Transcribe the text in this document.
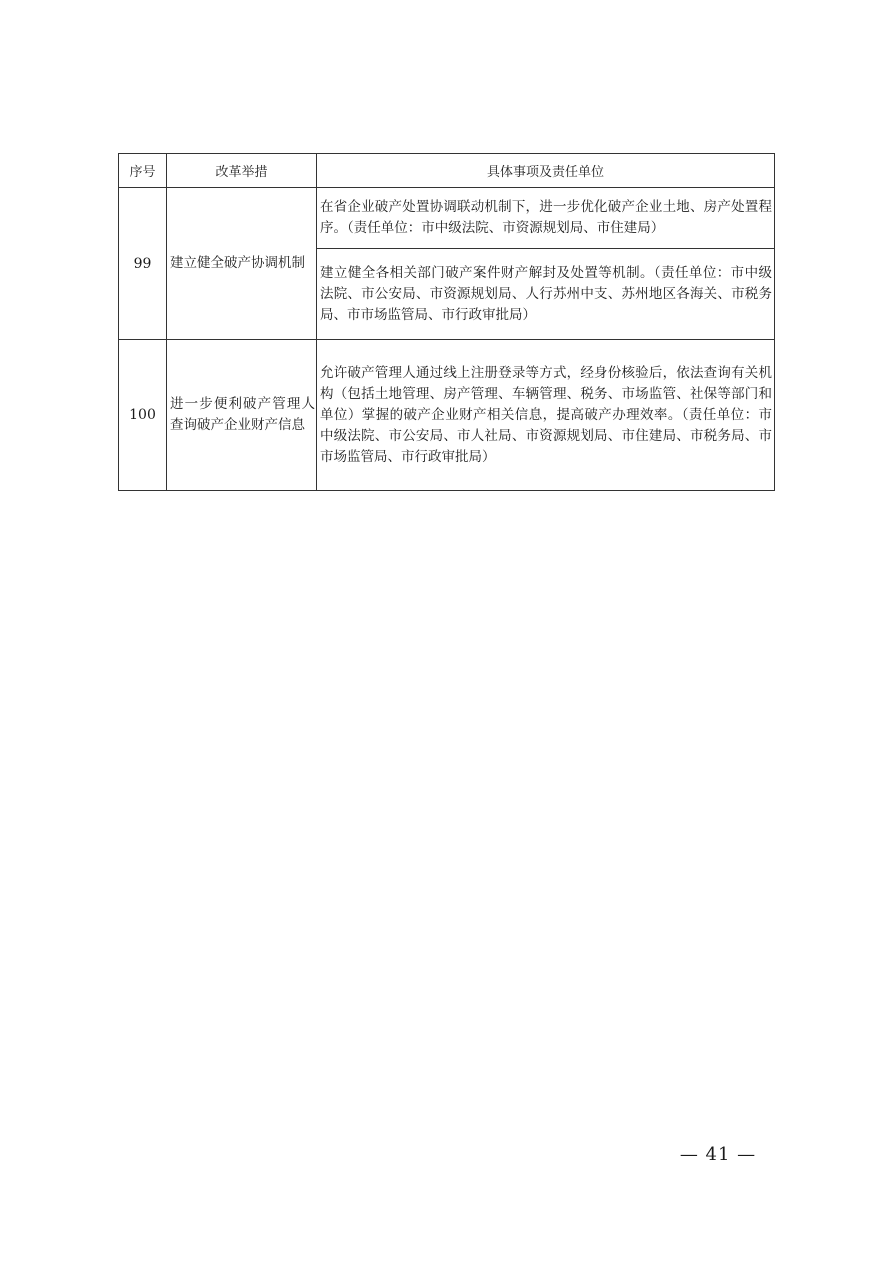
序号	改革举措	具体事项及责任单位
99	建立健全破产协调机制	在省企业破产处置协调联动机制下，进一步优化破产企业土地、房产处置程序。（责任单位：市中级法院、市资源规划局、市住建局）
		建立健全各相关部门破产案件财产解封及处置等机制。（责任单位：市中级法院、市公安局、市资源规划局、人行苏州中支、苏州地区各海关、市税务局、市市场监管局、市行政审批局）
100	进一步便利破产管理人查询破产企业财产信息	允许破产管理人通过线上注册登录等方式，经身份核验后，依法查询有关机构（包括土地管理、房产管理、车辆管理、税务、市场监管、社保等部门和单位）掌握的破产企业财产相关信息，提高破产办理效率。（责任单位：市中级法院、市公安局、市人社局、市资源规划局、市住建局、市税务局、市市场监管局、市行政审批局）
— 41 —
